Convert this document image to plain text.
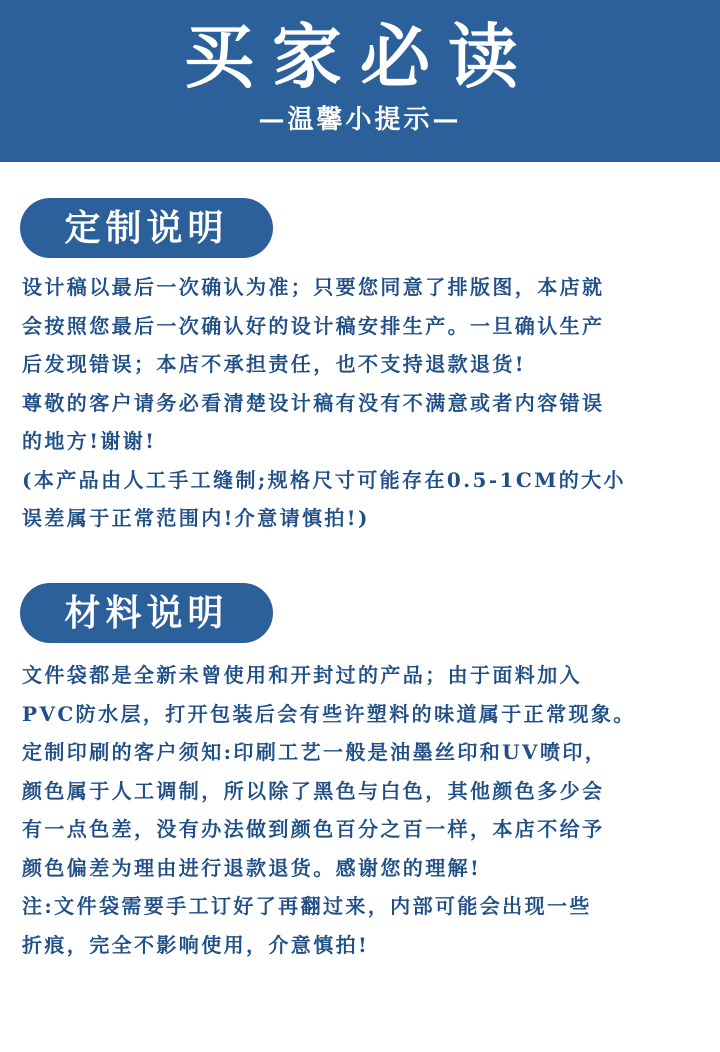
买家必读
—温馨小提示—
定制说明
设计稿以最后一次确认为准；只要您同意了排版图，本店就
会按照您最后一次确认好的设计稿安排生产。一旦确认生产
后发现错误；本店不承担责任，也不支持退款退货!
尊敬的客户请务必看清楚设计稿有没有不满意或者内容错误
的地方!谢谢!
(本产品由人工手工缝制;规格尺寸可能存在0.5-1CM的大小
误差属于正常范围内!介意请慎拍!)
材料说明
文件袋都是全新未曾使用和开封过的产品；由于面料加入
PVC防水层，打开包装后会有些许塑料的味道属于正常现象。
定制印刷的客户须知:印刷工艺一般是油墨丝印和UV喷印，
颜色属于人工调制，所以除了黑色与白色，其他颜色多少会
有一点色差，没有办法做到颜色百分之百一样，本店不给予
颜色偏差为理由进行退款退货。感谢您的理解!
注:文件袋需要手工订好了再翻过来，内部可能会出现一些
折痕，完全不影响使用，介意慎拍!
